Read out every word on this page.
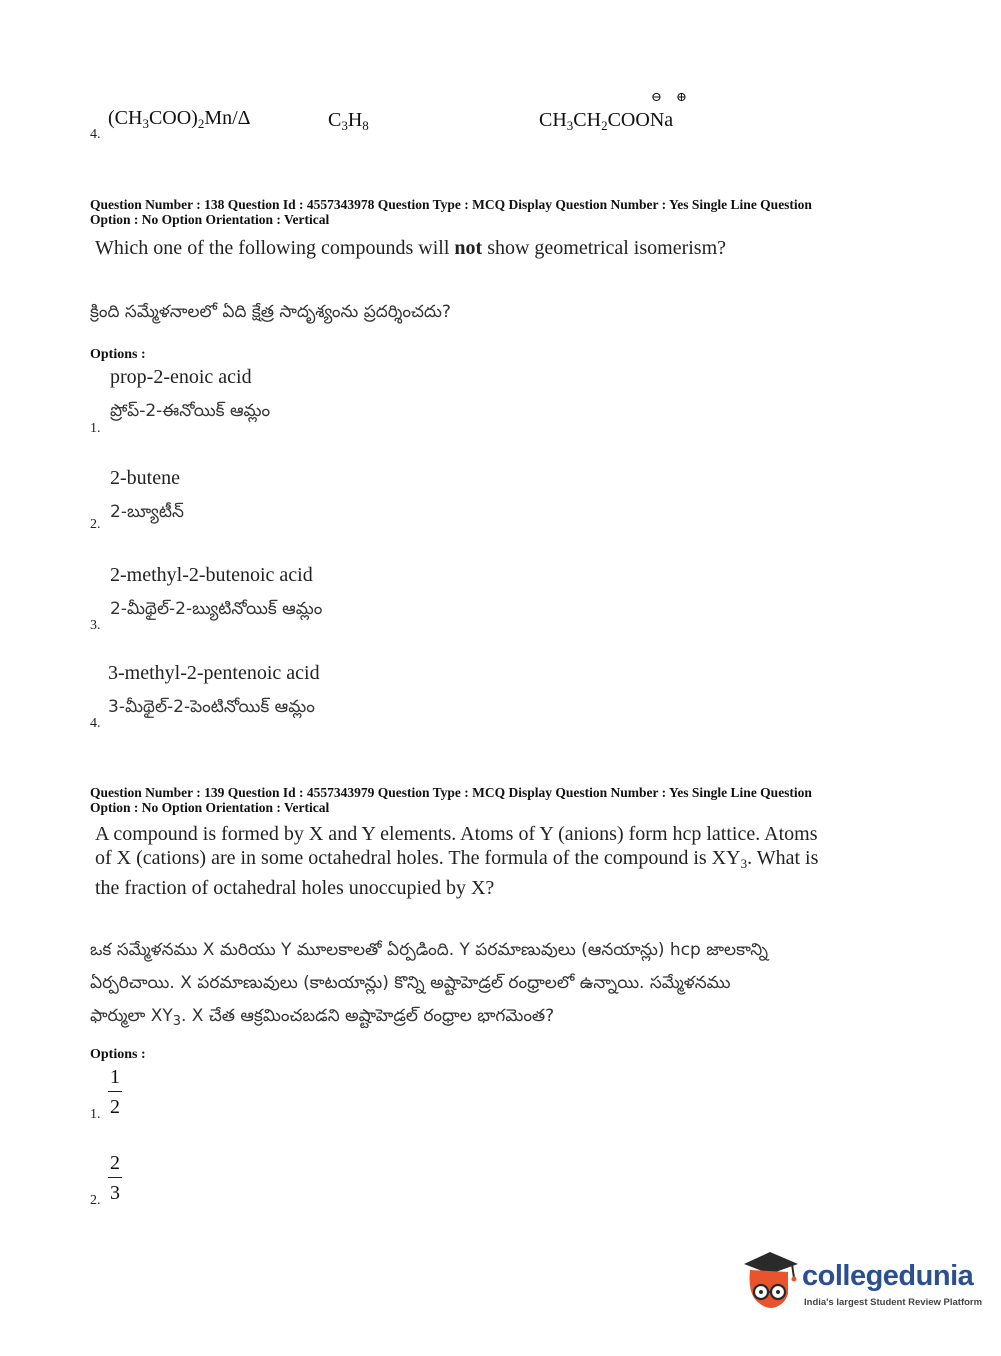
4.
$(CH_3COO)_2Mn/\Delta$	$C_3H_8$	$CH_3CH_2COONa$
⊖ ⊕
Question Number : 138 Question Id : 4557343978 Question Type : MCQ Display Question Number : Yes Single Line Question
Option : No Option Orientation : Vertical
Which one of the following compounds will not show geometrical isomerism?
క్రింది సమ్మేళనాలలో ఏది క్షేత్ర సాదృశ్యంను ప్రదర్శించదు?
Options :
prop-2-enoic acid
ప్రోప్-2-ఈనోయిక్ ఆమ్లం
1.
2-butene
2-బ్యూటీన్
2.
2-methyl-2-butenoic acid
2-మీథైల్-2-బ్యుటినోయిక్ ఆమ్లం
3.
3-methyl-2-pentenoic acid
3-మీథైల్-2-పెంటినోయిక్ ఆమ్లం
4.
Question Number : 139 Question Id : 4557343979 Question Type : MCQ Display Question Number : Yes Single Line Question
Option : No Option Orientation : Vertical
A compound is formed by X and Y elements. Atoms of Y (anions) form hcp lattice. Atoms
of X (cations) are in some octahedral holes. The formula of the compound is $XY_3$. What is
the fraction of octahedral holes unoccupied by X?
ఒక సమ్మేళనము X మరియు Y మూలకాలతో ఏర్పడింది. Y పరమాణువులు (ఆనయాన్లు) hcp జాలకాన్ని
ఏర్పరిచాయి. X పరమాణువులు (కాటయాన్లు) కొన్ని అష్టాహెడ్రల్ రంధ్రాలలో ఉన్నాయి. సమ్మేళనము
ఫార్ములా $XY_3$. X చేత ఆక్రమించబడని అష్టాహెడ్రల్ రంధ్రాల భాగమెంత?
Options :
1
2
1.
2
3
2.
collegedunia
India's largest Student Review Platform
